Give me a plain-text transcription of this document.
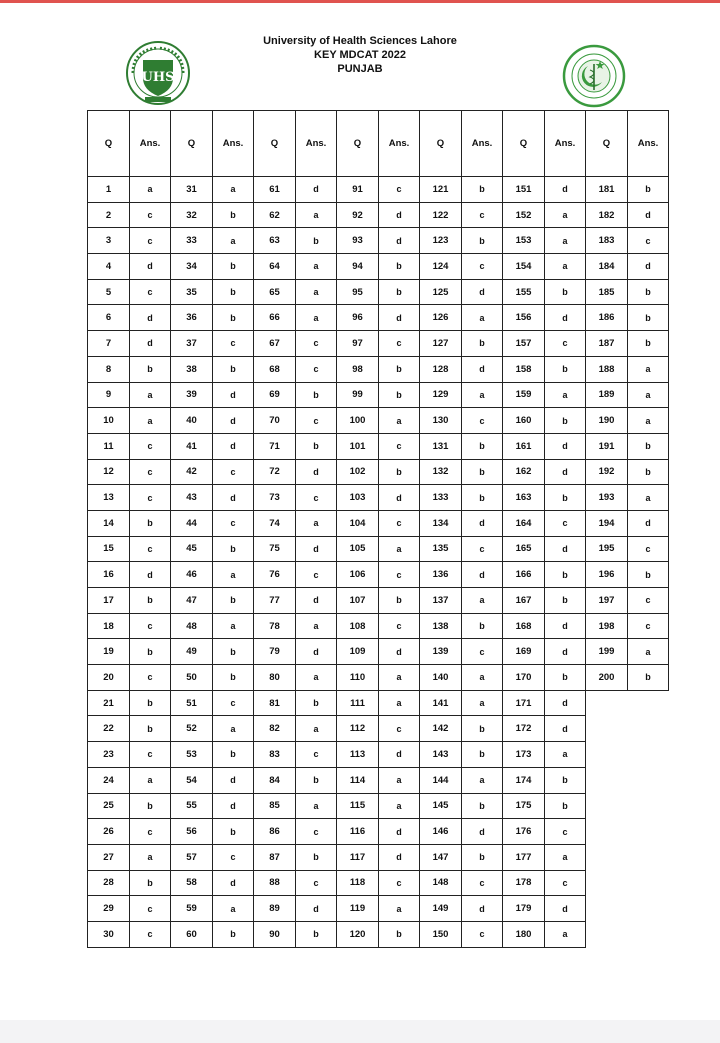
University of Health Sciences Lahore
KEY MDCAT 2022
PUNJAB
UHS
Q	Ans.	Q	Ans.	Q	Ans.	Q	Ans.	Q	Ans.	Q	Ans.	Q	Ans.
1	a	31	a	61	d	91	c	121	b	151	d	181	b
2	c	32	b	62	a	92	d	122	c	152	a	182	d
3	c	33	a	63	b	93	d	123	b	153	a	183	c
4	d	34	b	64	a	94	b	124	c	154	a	184	d
5	c	35	b	65	a	95	b	125	d	155	b	185	b
6	d	36	b	66	a	96	d	126	a	156	d	186	b
7	d	37	c	67	c	97	c	127	b	157	c	187	b
8	b	38	b	68	c	98	b	128	d	158	b	188	a
9	a	39	d	69	b	99	b	129	a	159	a	189	a
10	a	40	d	70	c	100	a	130	c	160	b	190	a
11	c	41	d	71	b	101	c	131	b	161	d	191	b
12	c	42	c	72	d	102	b	132	b	162	d	192	b
13	c	43	d	73	c	103	d	133	b	163	b	193	a
14	b	44	c	74	a	104	c	134	d	164	c	194	d
15	c	45	b	75	d	105	a	135	c	165	d	195	c
16	d	46	a	76	c	106	c	136	d	166	b	196	b
17	b	47	b	77	d	107	b	137	a	167	b	197	c
18	c	48	a	78	a	108	c	138	b	168	d	198	c
19	b	49	b	79	d	109	d	139	c	169	d	199	a
20	c	50	b	80	a	110	a	140	a	170	b	200	b
21	b	51	c	81	b	111	a	141	a	171	d		
22	b	52	a	82	a	112	c	142	b	172	d		
23	c	53	b	83	c	113	d	143	b	173	a		
24	a	54	d	84	b	114	a	144	a	174	b		
25	b	55	d	85	a	115	a	145	b	175	b		
26	c	56	b	86	c	116	d	146	d	176	c		
27	a	57	c	87	b	117	d	147	b	177	a		
28	b	58	d	88	c	118	c	148	c	178	c		
29	c	59	a	89	d	119	a	149	d	179	d		
30	c	60	b	90	b	120	b	150	c	180	a		
